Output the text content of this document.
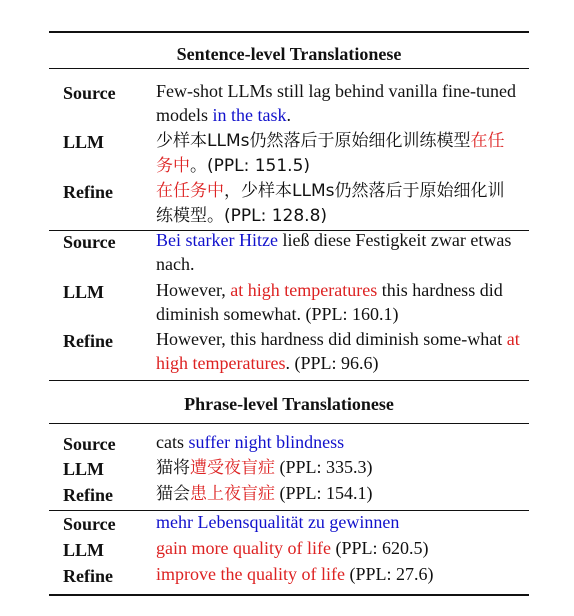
Sentence-level Translationese
Source Few-shot LLMs still lag behind vanilla fine-tuned models in the task.
LLM	少样本LLMs仍然落后于原始细化训练模型在任务中。(PPL: 151.5)
Refine	在任务中，少样本LLMs仍然落后于原始细化训练模型。(PPL: 128.8)
Source Bei starker Hitze ließ diese Festigkeit zwar etwas nach.
LLM	However, at high temperatures this hardness did diminish somewhat. (PPL: 160.1)
Refine However, this hardness did diminish some-what at high temperatures. (PPL: 96.6)
Phrase-level Translationese
Source cats suffer night blindness
LLM	猫将遭受夜盲症 (PPL: 335.3)
Refine	猫会患上夜盲症 (PPL: 154.1)
Source mehr Lebensqualität zu gewinnen
LLM	gain more quality of life (PPL: 620.5)
Refine improve the quality of life (PPL: 27.6)
